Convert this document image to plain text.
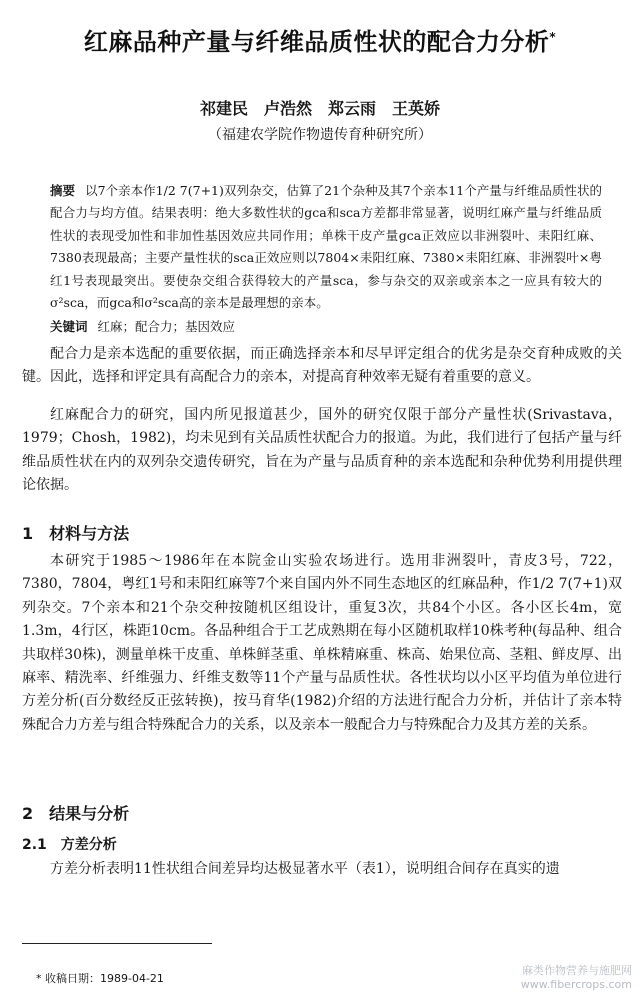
红麻品种产量与纤维品质性状的配合力分析*
祁建民　卢浩然　郑云雨　王英娇
（福建农学院作物遗传育种研究所）
摘要 以7个亲本作1/2 7(7+1)双列杂交，估算了21个杂种及其7个亲本11个产量与纤维品质性状的配合力与均方值。结果表明：绝大多数性状的gca和sca方差都非常显著，说明红麻产量与纤维品质性状的表现受加性和非加性基因效应共同作用；单株干皮产量gca正效应以非洲裂叶、耒阳红麻、7380表现最高；主要产量性状的sca正效应则以7804×耒阳红麻、7380×耒阳红麻、非洲裂叶×粤红1号表现最突出。要使杂交组合获得较大的产量sca，参与杂交的双亲或亲本之一应具有较大的σ²sca，而gca和σ²sca高的亲本是最理想的亲本。
关键词 红麻；配合力；基因效应

配合力是亲本选配的重要依据，而正确选择亲本和尽早评定组合的优劣是杂交育种成败的关键。因此，选择和评定具有高配合力的亲本，对提高育种效率无疑有着重要的意义。

红麻配合力的研究，国内所见报道甚少，国外的研究仅限于部分产量性状(Srivastava，1979；Chosh，1982)，均未见到有关品质性状配合力的报道。为此，我们进行了包括产量与纤维品质性状在内的双列杂交遗传研究，旨在为产量与品质育种的亲本选配和杂种优势利用提供理论依据。

1　材料与方法

本研究于1985～1986年在本院金山实验农场进行。选用非洲裂叶，青皮3号，722，7380，7804，粤红1号和耒阳红麻等7个来自国内外不同生态地区的红麻品种，作1/2 7(7+1)双列杂交。7个亲本和21个杂交种按随机区组设计，重复3次，共84个小区。各小区长4m，宽1.3m，4行区，株距10cm。各品种组合于工艺成熟期在每小区随机取样10株考种(每品种、组合共取样30株)，测量单株干皮重、单株鲜茎重、单株精麻重、株高、始果位高、茎粗、鲜皮厚、出麻率、精洗率、纤维强力、纤维支数等11个产量与品质性状。各性状均以小区平均值为单位进行方差分析(百分数经反正弦转换)，按马育华(1982)介绍的方法进行配合力分析，并估计了亲本特殊配合力方差与组合特殊配合力的关系，以及亲本一般配合力与特殊配合力及其方差的关系。

2　结果与分析
2.1　方差分析

方差分析表明11性状组合间差异均达极显著水平（表1），说明组合间存在真实的遗

* 收稿日期：1989-04-21
麻类作物营养与施肥网
www.fibercrops.com
